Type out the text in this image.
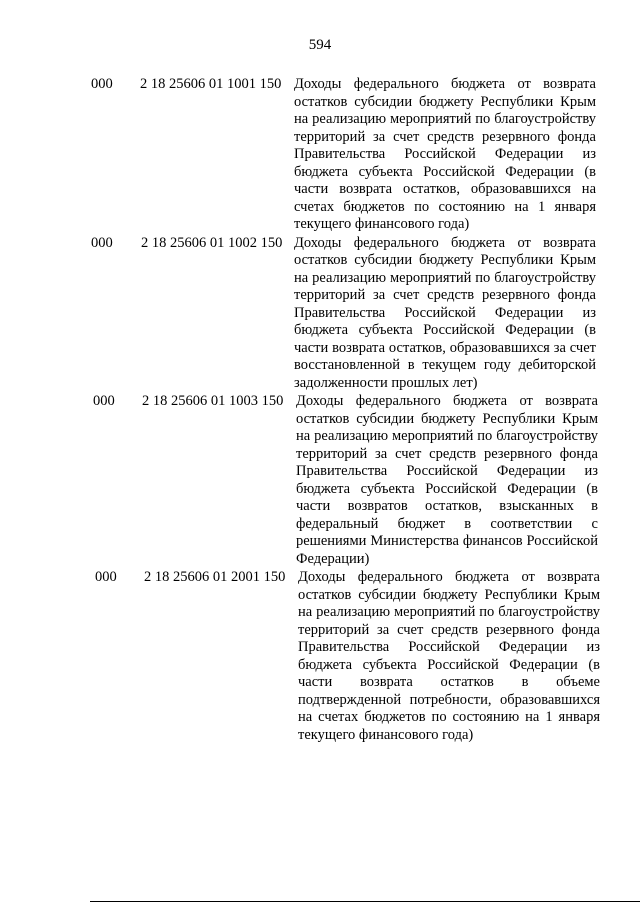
594
000 2 18 25606 01 1001 150 Доходы федерального бюджета от возврата остатков субсидии бюджету Республики Крым на реализацию мероприятий по благоустройству территорий за счет средств резервного фонда Правительства Российской Федерации из бюджета субъекта Российской Федерации (в части возврата остатков, образовавшихся на счетах бюджетов по состоянию на 1 января текущего финансового года)
000 2 18 25606 01 1002 150 Доходы федерального бюджета от возврата остатков субсидии бюджету Республики Крым на реализацию мероприятий по благоустройству территорий за счет средств резервного фонда Правительства Российской Федерации из бюджета субъекта Российской Федерации (в части возврата остатков, образовавшихся за счет восстановленной в текущем году дебиторской задолженности прошлых лет)
000 2 18 25606 01 1003 150 Доходы федерального бюджета от возврата остатков субсидии бюджету Республики Крым на реализацию мероприятий по благоустройству территорий за счет средств резервного фонда Правительства Российской Федерации из бюджета субъекта Российской Федерации (в части возвратов остатков, взысканных в федеральный бюджет в соответствии с решениями Министерства финансов Российской Федерации)
000 2 18 25606 01 2001 150 Доходы федерального бюджета от возврата остатков субсидии бюджету Республики Крым на реализацию мероприятий по благоустройству территорий за счет средств резервного фонда Правительства Российской Федерации из бюджета субъекта Российской Федерации (в части возврата остатков в объеме подтвержденной потребности, образовавшихся на счетах бюджетов по состоянию на 1 января текущего финансового года)
